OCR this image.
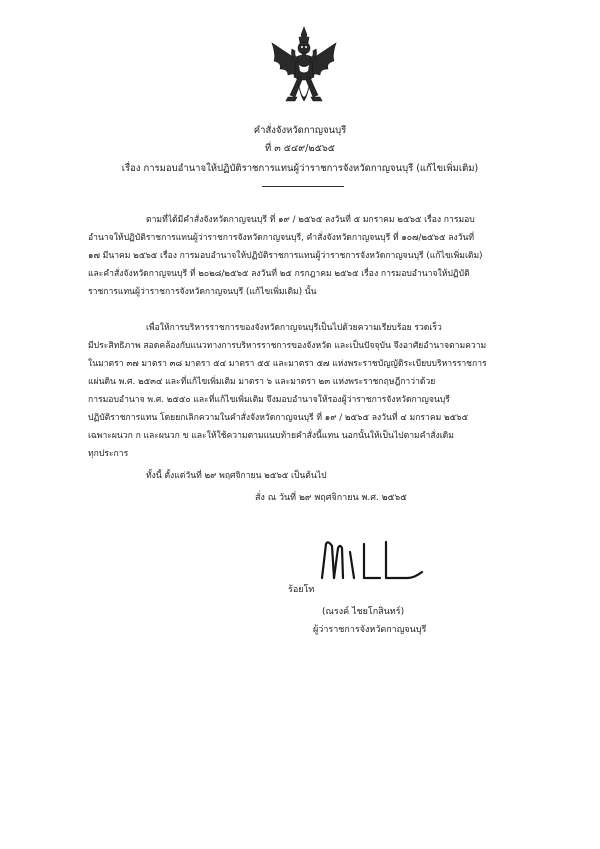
คำสั่งจังหวัดกาญจนบุรี
ที่ ๓ ๕๔๙/๒๕๖๕
เรื่อง การมอบอำนาจให้ปฏิบัติราชการแทนผู้ว่าราชการจังหวัดกาญจนบุรี (แก้ไขเพิ่มเติม)
ตามที่ได้มีคำสั่งจังหวัดกาญจนบุรี ที่ ๑๙ / ๒๕๖๕ ลงวันที่ ๕ มกราคม ๒๕๖๕ เรื่อง การมอบ
อำนาจให้ปฏิบัติราชการแทนผู้ว่าราชการจังหวัดกาญจนบุรี, คำสั่งจังหวัดกาญจนบุรี ที่ ๑๐๗/๒๕๖๕ ลงวันที่
๑๗ มีนาคม ๒๕๖๕ เรื่อง การมอบอำนาจให้ปฏิบัติราชการแทนผู้ว่าราชการจังหวัดกาญจนบุรี (แก้ไขเพิ่มเติม)
และคำสั่งจังหวัดกาญจนบุรี ที่ ๒๐๒๘/๒๕๖๕ ลงวันที่ ๒๕ กรกฎาคม ๒๕๖๕ เรื่อง การมอบอำนาจให้ปฏิบัติ
ราชการแทนผู้ว่าราชการจังหวัดกาญจนบุรี (แก้ไขเพิ่มเติม) นั้น
เพื่อให้การบริหารราชการของจังหวัดกาญจนบุรีเป็นไปด้วยความเรียบร้อย รวดเร็ว
มีประสิทธิภาพ สอดคล้องกับแนวทางการบริหารราชการของจังหวัด และเป็นปัจจุบัน จึงอาศัยอำนาจตามความ
ในมาตรา ๓๗ มาตรา ๓๘ มาตรา ๕๔ มาตรา ๕๕ และมาตรา ๕๗ แห่งพระราชบัญญัติระเบียบบริหารราชการ
แผ่นดิน พ.ศ. ๒๕๓๔ และที่แก้ไขเพิ่มเติม มาตรา ๖ และมาตรา ๒๓ แห่งพระราชกฤษฎีกาว่าด้วย
การมอบอำนาจ พ.ศ. ๒๕๕๐ และที่แก้ไขเพิ่มเติม จึงมอบอำนาจให้รองผู้ว่าราชการจังหวัดกาญจนบุรี
ปฏิบัติราชการแทน โดยยกเลิกความในคำสั่งจังหวัดกาญจนบุรี ที่ ๑๙ / ๒๕๖๕ ลงวันที่ ๔ มกราคม ๒๕๖๕
เฉพาะผนวก ก และผนวก ข และให้ใช้ความตามแนบท้ายคำสั่งนี้แทน นอกนั้นให้เป็นไปตามคำสั่งเดิม
ทุกประการ
ทั้งนี้ ตั้งแต่วันที่ ๒๙ พฤศจิกายน ๒๕๖๕ เป็นต้นไป
สั่ง ณ วันที่ ๒๙ พฤศจิกายน พ.ศ. ๒๕๖๕
ร้อยโท
(ณรงค์ ไชยโกสินทร์)
ผู้ว่าราชการจังหวัดกาญจนบุรี
